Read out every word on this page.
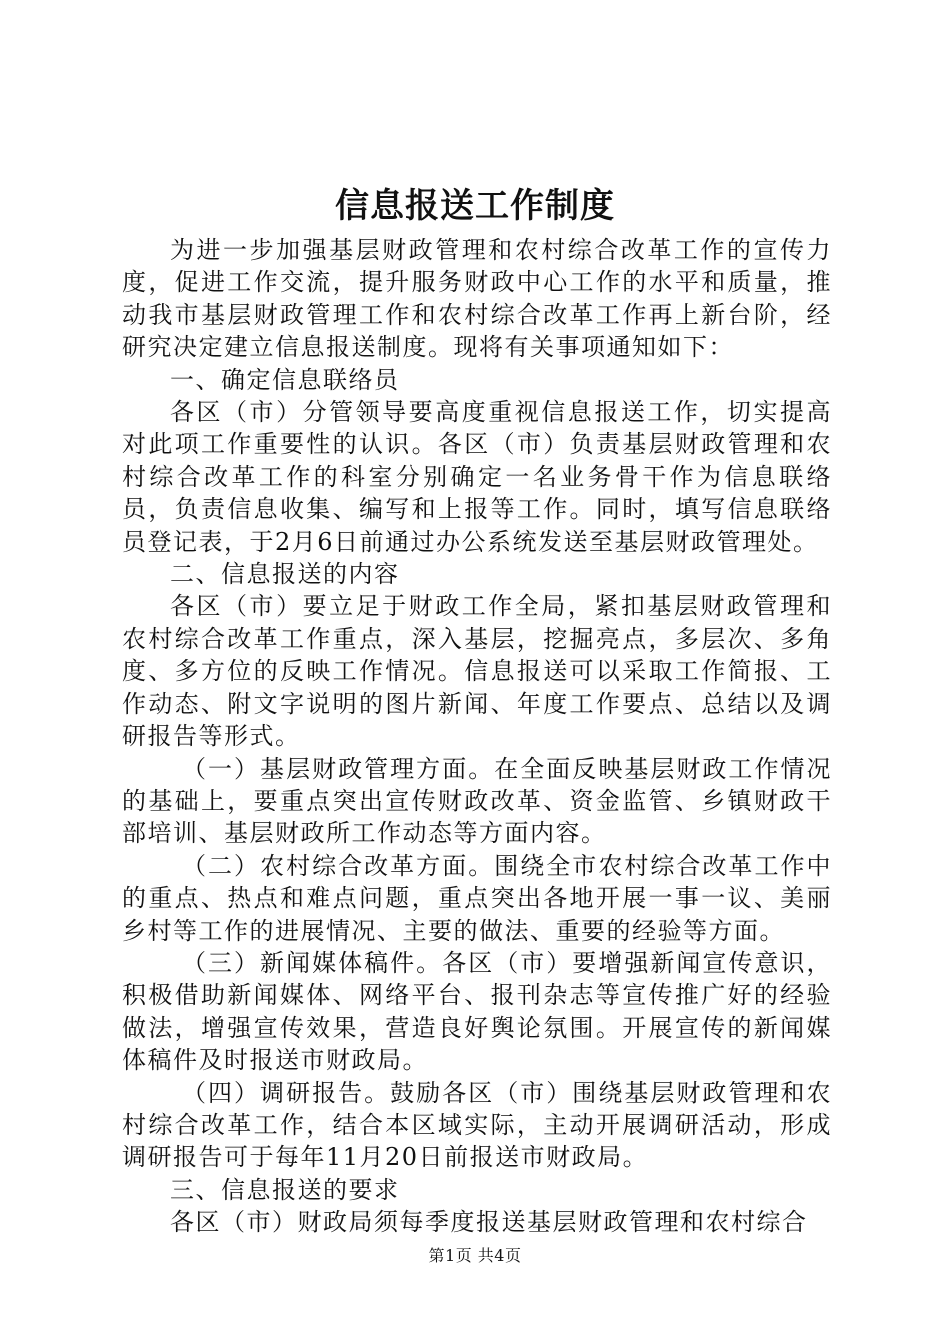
信息报送工作制度

为进一步加强基层财政管理和农村综合改革工作的宣传力度，促进工作交流，提升服务财政中心工作的水平和质量，推动我市基层财政管理工作和农村综合改革工作再上新台阶，经研究决定建立信息报送制度。现将有关事项通知如下：

一、确定信息联络员

各区（市）分管领导要高度重视信息报送工作，切实提高对此项工作重要性的认识。各区（市）负责基层财政管理和农村综合改革工作的科室分别确定一名业务骨干作为信息联络员，负责信息收集、编写和上报等工作。同时，填写信息联络员登记表，于2月6日前通过办公系统发送至基层财政管理处。

二、信息报送的内容

各区（市）要立足于财政工作全局，紧扣基层财政管理和农村综合改革工作重点，深入基层，挖掘亮点，多层次、多角度、多方位的反映工作情况。信息报送可以采取工作简报、工作动态、附文字说明的图片新闻、年度工作要点、总结以及调研报告等形式。

（一）基层财政管理方面。在全面反映基层财政工作情况的基础上，要重点突出宣传财政改革、资金监管、乡镇财政干部培训、基层财政所工作动态等方面内容。

（二）农村综合改革方面。围绕全市农村综合改革工作中的重点、热点和难点问题，重点突出各地开展一事一议、美丽乡村等工作的进展情况、主要的做法、重要的经验等方面。

（三）新闻媒体稿件。各区（市）要增强新闻宣传意识，积极借助新闻媒体、网络平台、报刊杂志等宣传推广好的经验做法，增强宣传效果，营造良好舆论氛围。开展宣传的新闻媒体稿件及时报送市财政局。

（四）调研报告。鼓励各区（市）围绕基层财政管理和农村综合改革工作，结合本区域实际，主动开展调研活动，形成调研报告可于每年11月20日前报送市财政局。

三、信息报送的要求

各区（市）财政局须每季度报送基层财政管理和农村综合

第1页 共4页
